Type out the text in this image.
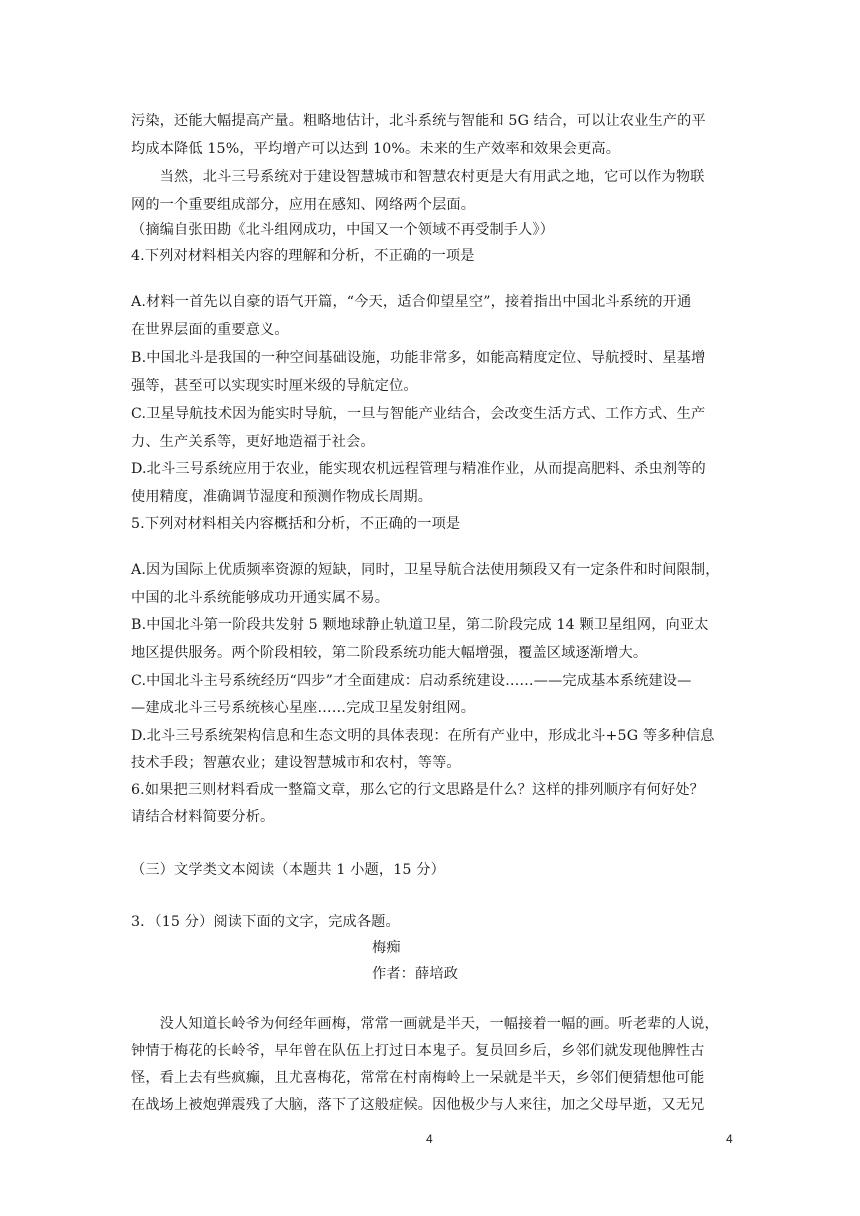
污染，还能大幅提高产量。粗略地估计，北斗系统与智能和 5G 结合，可以让农业生产的平
均成本降低 15%，平均增产可以达到 10%。未来的生产效率和效果会更高。
　　当然，北斗三号系统对于建设智慧城市和智慧农村更是大有用武之地，它可以作为物联
网的一个重要组成部分，应用在感知、网络两个层面。
（摘编自张田勘《北斗组网成功，中国又一个领域不再受制手人》）
4.下列对材料相关内容的理解和分析，不正确的一项是
A.材料一首先以自豪的语气开篇，“今天，适合仰望星空”，接着指出中国北斗系统的开通
在世界层面的重要意义。
B.中国北斗是我国的一种空间基础设施，功能非常多，如能高精度定位、导航授时、星基增
强等，甚至可以实现实时厘米级的导航定位。
C.卫星导航技术因为能实时导航，一旦与智能产业结合，会改变生活方式、工作方式、生产
力、生产关系等，更好地造福于社会。
D.北斗三号系统应用于农业，能实现农机远程管理与精准作业，从而提高肥料、杀虫剂等的
使用精度，准确调节湿度和预测作物成长周期。
5.下列对材料相关内容概括和分析，不正确的一项是
A.因为国际上优质频率资源的短缺，同时，卫星导航合法使用频段又有一定条件和时间限制，
中国的北斗系统能够成功开通实属不易。
B.中国北斗第一阶段共发射 5 颗地球静止轨道卫星，第二阶段完成 14 颗卫星组网，向亚太
地区提供服务。两个阶段相较，第二阶段系统功能大幅增强，覆盖区域逐渐增大。
C.中国北斗主号系统经历“四步”才全面建成：启动系统建设……——完成基本系统建设—
—建成北斗三号系统核心星座……完成卫星发射组网。
D.北斗三号系统架构信息和生态文明的具体表现：在所有产业中，形成北斗+5G 等多种信息
技术手段；智蕙农业；建设智慧城市和农村，等等。
6.如果把三则材料看成一整篇文章，那么它的行文思路是什么？这样的排列顺序有何好处？
请结合材料简要分析。
（三）文学类文本阅读（本题共 1 小题，15 分）
3．（15 分）阅读下面的文字，完成各题。
梅痴
作者：薛培政
　　没人知道长岭爷为何经年画梅，常常一画就是半天，一幅接着一幅的画。听老辈的人说，
钟情于梅花的长岭爷，早年曾在队伍上打过日本鬼子。复员回乡后，乡邻们就发现他脾性古
怪，看上去有些疯癫，且尤喜梅花，常常在村南梅岭上一呆就是半天，乡邻们便猜想他可能
在战场上被炮弹震残了大脑，落下了这般症候。因他极少与人来往，加之父母早逝，又无兄
4	4
